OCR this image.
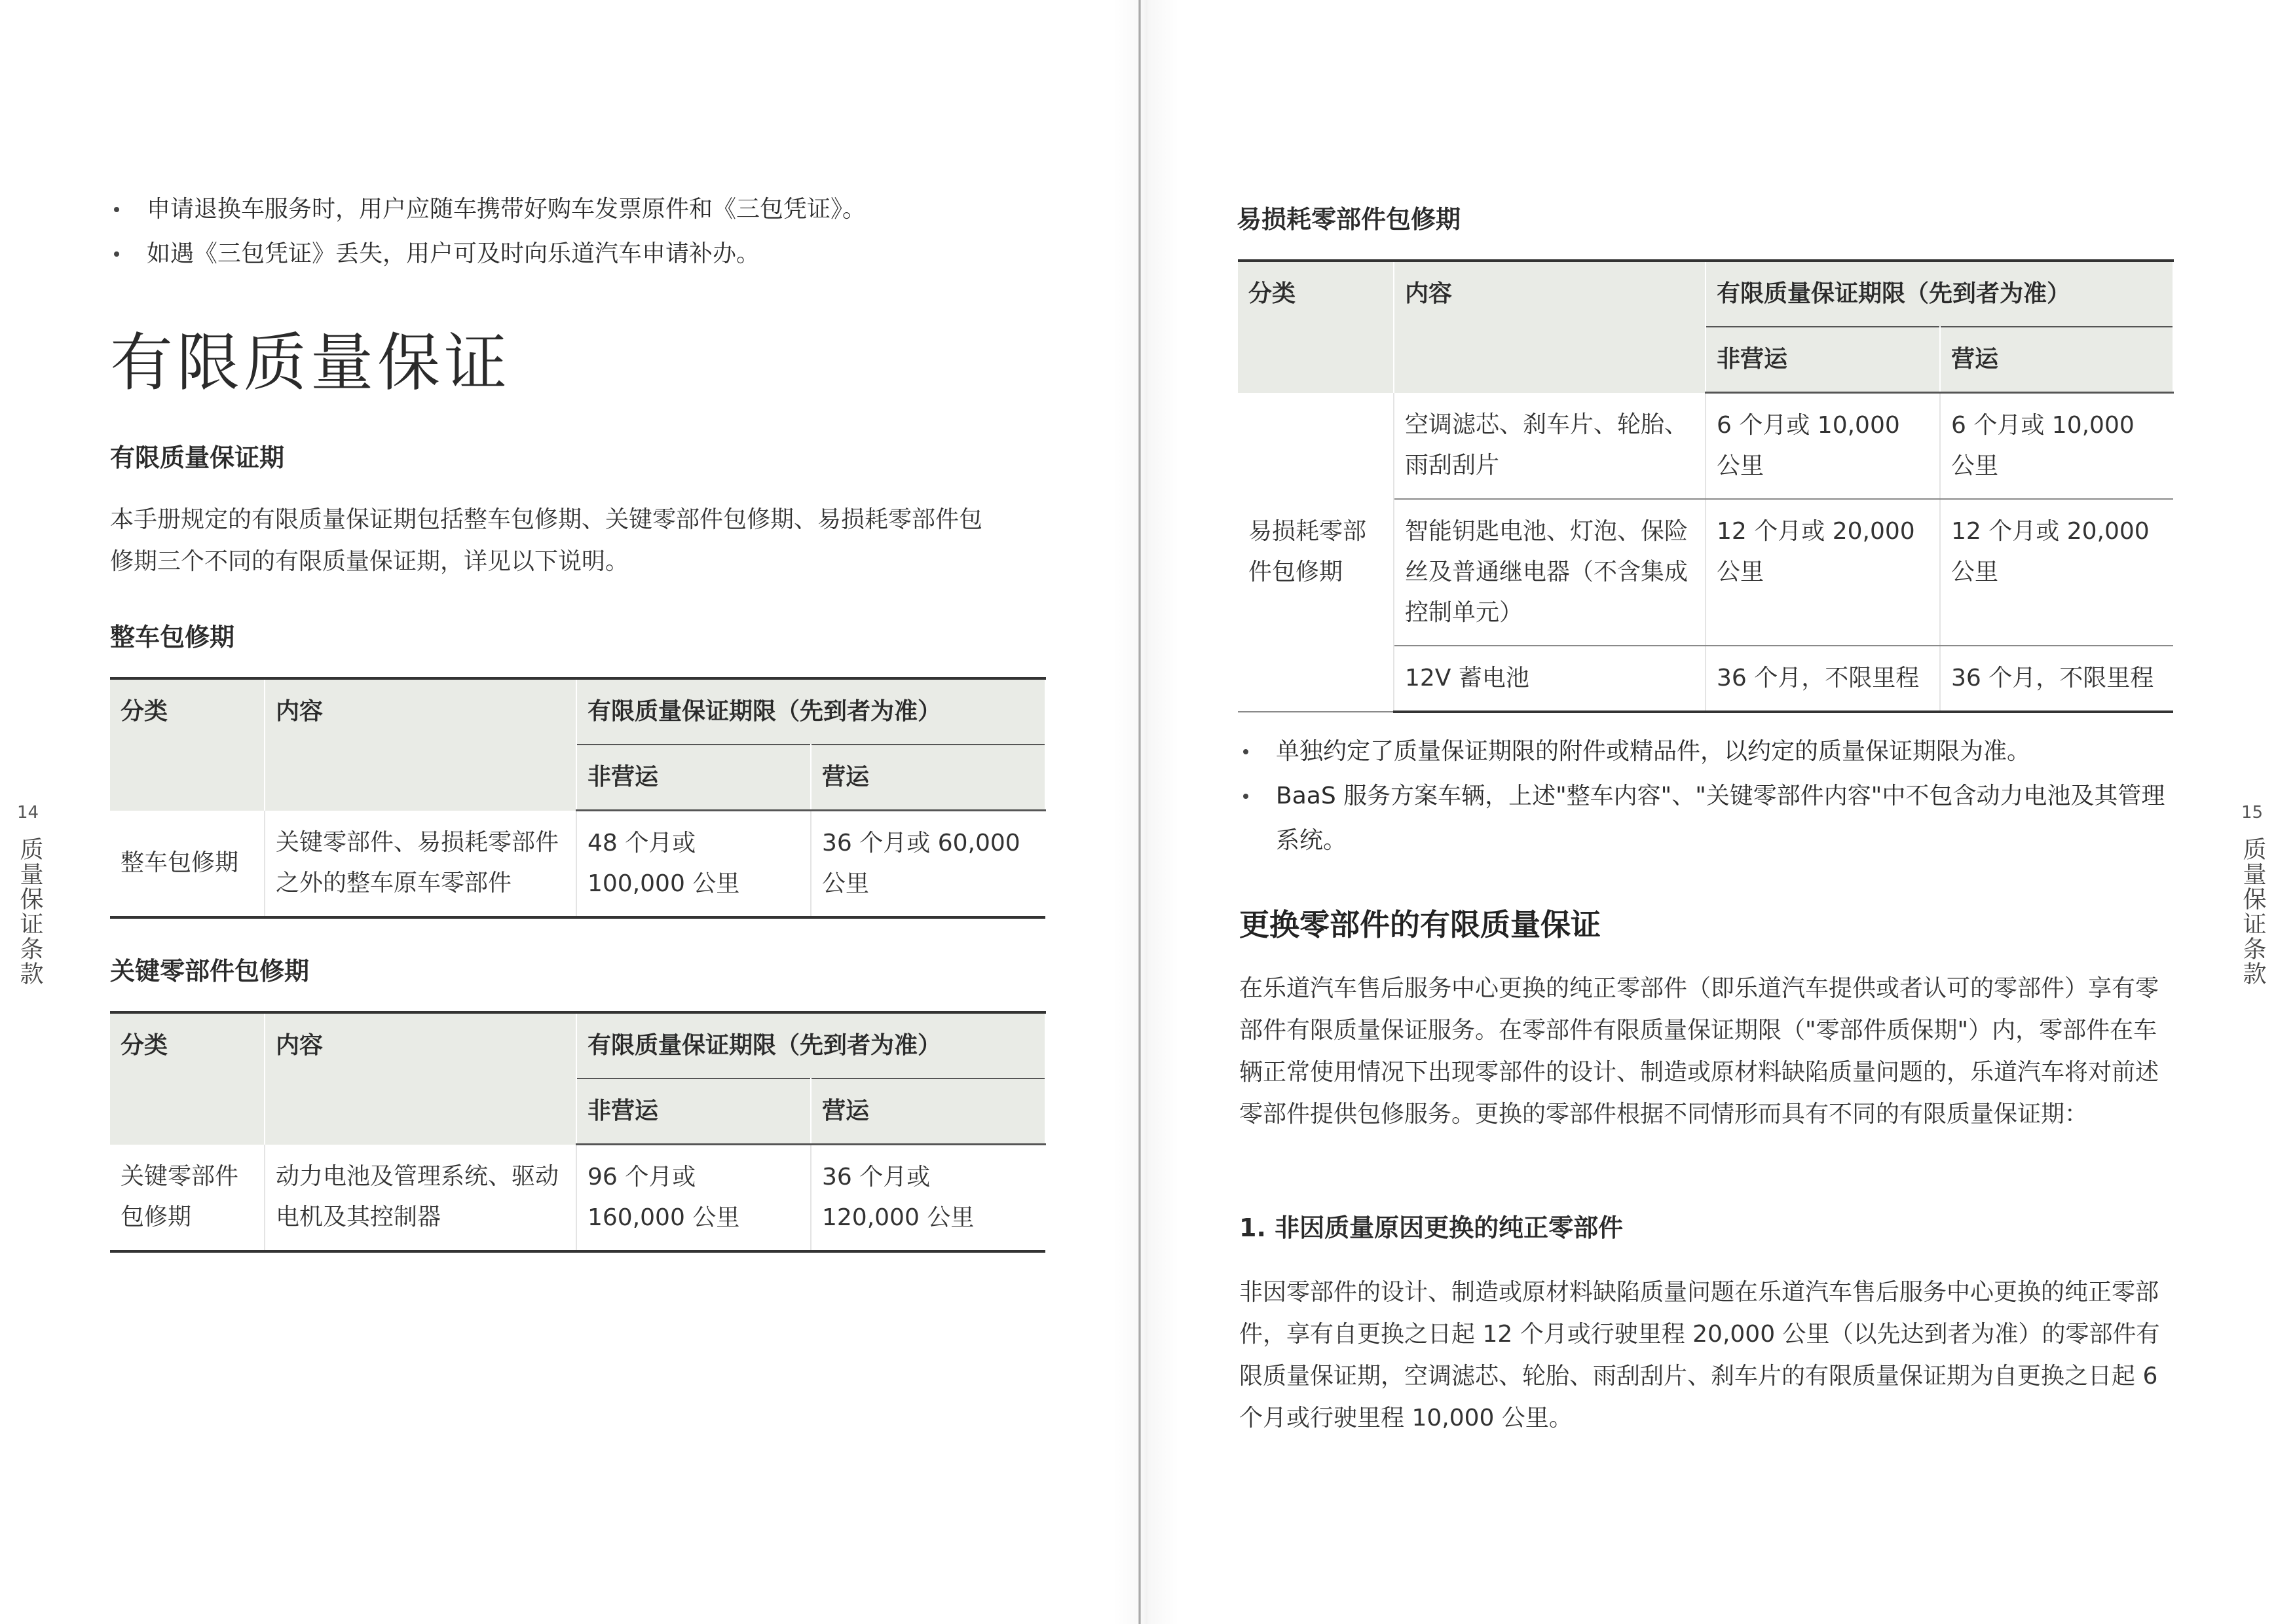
申请退换车服务时，用户应随车携带好购车发票原件和《三包凭证》。
如遇《三包凭证》丢失，用户可及时向乐道汽车申请补办。
有限质量保证
有限质量保证期

本手册规定的有限质量保证期包括整车包修期、关键零部件包修期、易损耗零部件包

修期三个不同的有限质量保证期，详见以下说明。

整车包修期
分类	内容	有限质量保证期限（先到者为准）	
		非营运	营运
整车包修期	关键零部件、易损耗零部件之外的整车原车零部件	48 个月或 100,000 公里	36 个月或 60,000 公里
关键零部件包修期
分类	内容	有限质量保证期限（先到者为准）	
		非营运	营运
关键零部件包修期	动力电池及管理系统、驱动电机及其控制器	96 个月或 160,000 公里	36 个月或 120,000 公里
14
质量保证条款
易损耗零部件包修期
分类	内容	有限质量保证期限（先到者为准）	
		非营运	营运
易损耗零部件包修期	空调滤芯、刹车片、轮胎、雨刮刮片	6 个月或 10,000 公里	6 个月或 10,000 公里
	智能钥匙电池、灯泡、保险丝及普通继电器（不含集成控制单元）	12 个月或 20,000 公里	12 个月或 20,000 公里
	12V 蓄电池	36 个月，不限里程	36 个月，不限里程
单独约定了质量保证期限的附件或精品件，以约定的质量保证期限为准。
BaaS 服务方案车辆，上述"整车内容"、"关键零部件内容"中不包含动力电池及其管理系统。
更换零部件的有限质量保证

在乐道汽车售后服务中心更换的纯正零部件（即乐道汽车提供或者认可的零部件）享有零部件有限质量保证服务。在零部件有限质量保证期限（"零部件质保期"）内，零部件在车辆正常使用情况下出现零部件的设计、制造或原材料缺陷质量问题的，乐道汽车将对前述零部件提供包修服务。更换的零部件根据不同情形而具有不同的有限质量保证期：

1. 非因质量原因更换的纯正零部件

非因零部件的设计、制造或原材料缺陷质量问题在乐道汽车售后服务中心更换的纯正零部件，享有自更换之日起 12 个月或行驶里程 20,000 公里（以先达到者为准）的零部件有限质量保证期，空调滤芯、轮胎、雨刮刮片、刹车片的有限质量保证期为自更换之日起 6 个月或行驶里程 10,000 公里。

15
质量保证条款
